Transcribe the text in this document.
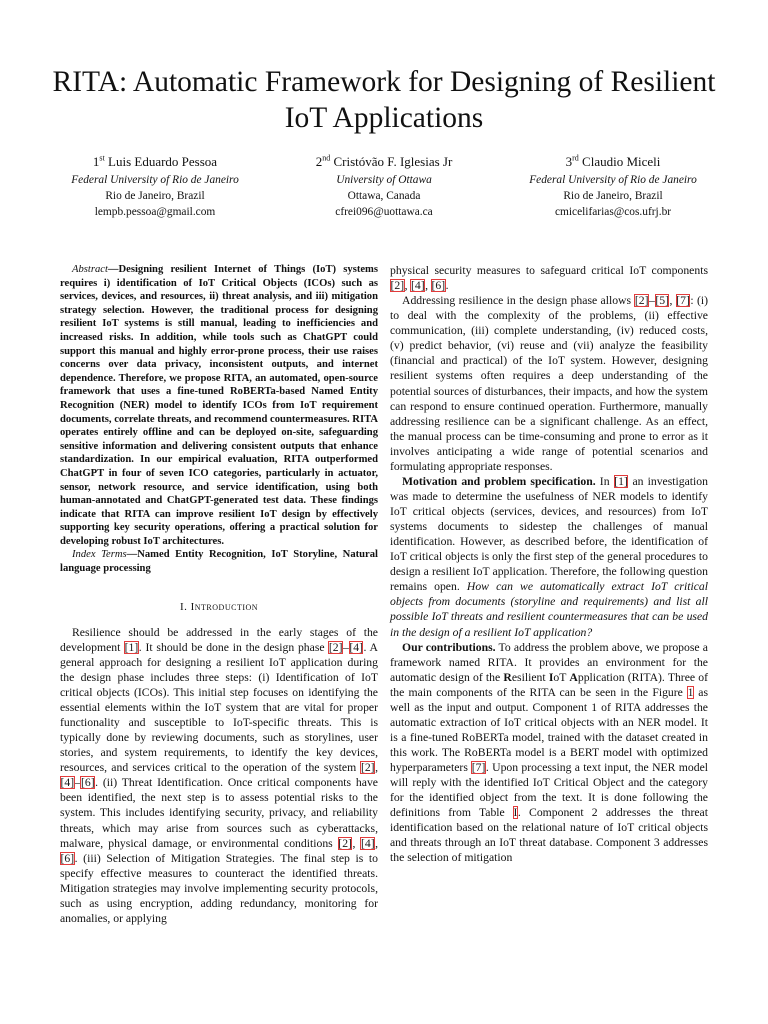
RITA: Automatic Framework for Designing of Resilient IoT Applications
1st Luis Eduardo Pessoa
Federal University of Rio de Janeiro
Rio de Janeiro, Brazil
lempb.pessoa@gmail.com
2nd Cristóvão F. Iglesias Jr
University of Ottawa
Ottawa, Canada
cfrei096@uottawa.ca
3rd Claudio Miceli
Federal University of Rio de Janeiro
Rio de Janeiro, Brazil
cmicelifarias@cos.ufrj.br

Abstract—Designing resilient Internet of Things (IoT) systems requires i) identification of IoT Critical Objects (ICOs) such as services, devices, and resources, ii) threat analysis, and iii) mitigation strategy selection. However, the traditional process for designing resilient IoT systems is still manual, leading to inefficiencies and increased risks. In addition, while tools such as ChatGPT could support this manual and highly error-prone process, their use raises concerns over data privacy, inconsistent outputs, and internet dependence. Therefore, we propose RITA, an automated, open-source framework that uses a fine-tuned RoBERTa-based Named Entity Recognition (NER) model to identify ICOs from IoT requirement documents, correlate threats, and recommend countermeasures. RITA operates entirely offline and can be deployed on-site, safeguarding sensitive information and delivering consistent outputs that enhance standardization. In our empirical evaluation, RITA outperformed ChatGPT in four of seven ICO categories, particularly in actuator, sensor, network resource, and service identification, using both human-annotated and ChatGPT-generated test data. These findings indicate that RITA can improve resilient IoT design by effectively supporting key security operations, offering a practical solution for developing robust IoT architectures.

Index Terms—Named Entity Recognition, IoT Storyline, Natural language processing

I. Introduction

Resilience should be addressed in the early stages of the development [1]. It should be done in the design phase [2]–[4]. A general approach for designing a resilient IoT application during the design phase includes three steps: (i) Identification of IoT critical objects (ICOs). This initial step focuses on identifying the essential elements within the IoT system that are vital for proper functionality and susceptible to IoT-specific threats. This is typically done by reviewing documents, such as storylines, user stories, and system requirements, to identify the key devices, resources, and services critical to the operation of the system [2], [4]–[6]. (ii) Threat Identification. Once critical components have been identified, the next step is to assess potential risks to the system. This includes identifying security, privacy, and reliability threats, which may arise from sources such as cyberattacks, malware, physical damage, or environmental conditions [2], [4], [6]. (iii) Selection of Mitigation Strategies. The final step is to specify effective measures to counteract the identified threats. Mitigation strategies may involve implementing security protocols, such as using encryption, adding redundancy, monitoring for anomalies, or applying

physical security measures to safeguard critical IoT components [2], [4], [6].

Addressing resilience in the design phase allows [2]–[5], [7]: (i) to deal with the complexity of the problems, (ii) effective communication, (iii) complete understanding, (iv) reduced costs, (v) predict behavior, (vi) reuse and (vii) analyze the feasibility (financial and practical) of the IoT system. However, designing resilient systems often requires a deep understanding of the potential sources of disturbances, their impacts, and how the system can respond to ensure continued operation. Furthermore, manually addressing resilience can be a significant challenge. As an effect, the manual process can be time-consuming and prone to error as it involves anticipating a wide range of potential scenarios and formulating appropriate responses.

Motivation and problem specification. In [1] an investigation was made to determine the usefulness of NER models to identify IoT critical objects (services, devices, and resources) from IoT systems documents to sidestep the challenges of manual identification. However, as described before, the identification of IoT critical objects is only the first step of the general procedures to design a resilient IoT application. Therefore, the following question remains open. How can we automatically extract IoT critical objects from documents (storyline and requirements) and list all possible IoT threats and resilient countermeasures that can be used in the design of a resilient IoT application?

Our contributions. To address the problem above, we propose a framework named RITA. It provides an environment for the automatic design of the Resilient IoT Application (RITA). Three of the main components of the RITA can be seen in the Figure 1 as well as the input and output. Component 1 of RITA addresses the automatic extraction of IoT critical objects with an NER model. It is a fine-tuned RoBERTa model, trained with the dataset created in this work. The RoBERTa model is a BERT model with optimized hyperparameters [7]. Upon processing a text input, the NER model will reply with the identified IoT Critical Object and the category for the identified object from the text. It is done following the definitions from Table I. Component 2 addresses the threat identification based on the relational nature of IoT critical objects and threats through an IoT threat database. Component 3 addresses the selection of mitigation
